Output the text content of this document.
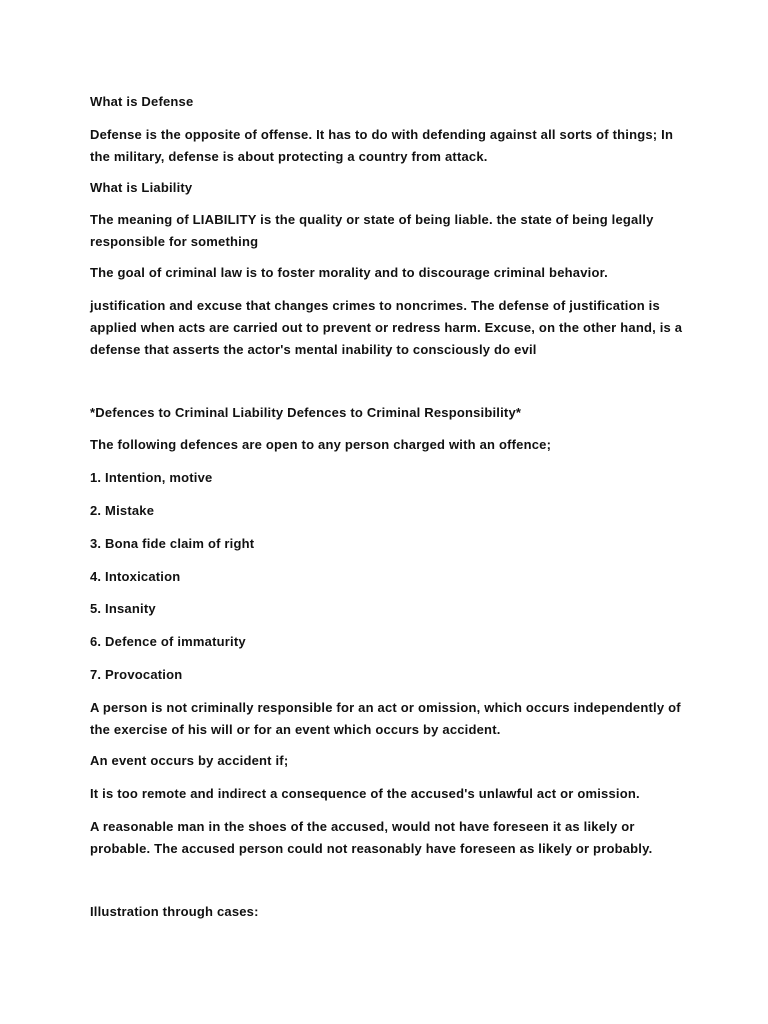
What is Defense

Defense is the opposite of offense. It has to do with defending against all sorts of things; In the military, defense is about protecting a country from attack.

What is Liability

The meaning of LIABILITY is the quality or state of being liable. the state of being legally responsible for something

The goal of criminal law is to foster morality and to discourage criminal behavior.

justification and excuse that changes crimes to noncrimes. The defense of justification is applied when acts are carried out to prevent or redress harm. Excuse, on the other hand, is a defense that asserts the actor's mental inability to consciously do evil

*Defences to Criminal Liability Defences to Criminal Responsibility*

The following defences are open to any person charged with an offence;

1. Intention, motive

2. Mistake

3. Bona fide claim of right

4. Intoxication

5. Insanity

6. Defence of immaturity

7. Provocation

A person is not criminally responsible for an act or omission, which occurs independently of the exercise of his will or for an event which occurs by accident.

An event occurs by accident if;

It is too remote and indirect a consequence of the accused's unlawful act or omission.

A reasonable man in the shoes of the accused, would not have foreseen it as likely or probable. The accused person could not reasonably have foreseen as likely or probably.

Illustration through cases:
